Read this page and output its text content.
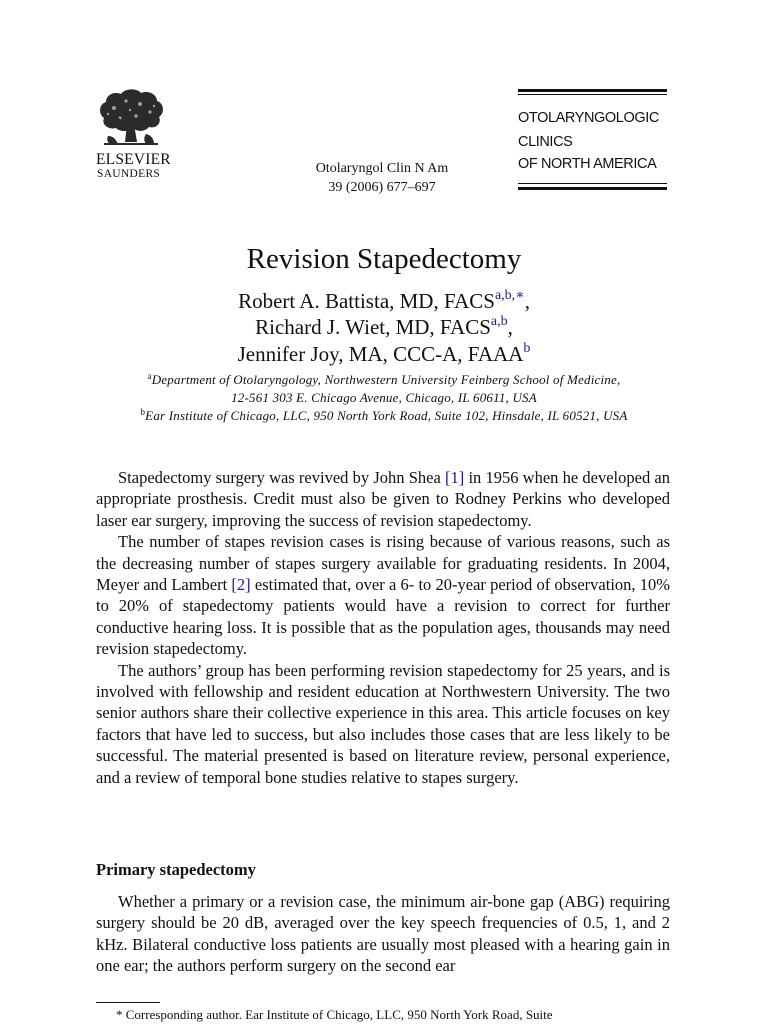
ELSEVIER
SAUNDERS	Otolaryngol Clin N Am
39 (2006) 677–697
OTOLARYNGOLOGIC
CLINICS
OF NORTH AMERICA
Revision Stapedectomy
Robert A. Battista, MD, $FACS^{a,b,∗}$,
Richard J. Wiet, MD, FACS$^{a,b}$,
Jennifer Joy, MA, CCC-A, FAAA$^b$
$^a$Department of Otolaryngology, Northwestern University Feinberg School of Medicine,
12-561 303 E. Chicago Avenue, Chicago, IL 60611, USA
$^b$Ear Institute of Chicago, LLC, 950 North York Road, Suite 102, Hinsdale, IL 60521, USA

Stapedectomy surgery was revived by John Shea [1] in 1956 when he developed an appropriate prosthesis. Credit must also be given to Rodney Perkins who developed laser ear surgery, improving the success of revision stapedectomy.

The number of stapes revision cases is rising because of various reasons, such as the decreasing number of stapes surgery available for graduating residents. In 2004, Meyer and Lambert [2] estimated that, over a 6- to 20-year period of observation, 10% to 20% of stapedectomy patients would have a revision to correct for further conductive hearing loss. It is possible that as the population ages, thousands may need revision stapedectomy.

The authors’ group has been performing revision stapedectomy for 25 years, and is involved with fellowship and resident education at Northwestern University. The two senior authors share their collective experience in this area. This article focuses on key factors that have led to success, but also includes those cases that are less likely to be successful. The material presented is based on literature review, personal experience, and a review of temporal bone studies relative to stapes surgery.

Primary stapedectomy

Whether a primary or a revision case, the minimum air-bone gap (ABG) requiring surgery should be 20 dB, averaged over the key speech frequencies of 0.5, 1, and 2 kHz. Bilateral conductive loss patients are usually most pleased with a hearing gain in one ear; the authors perform surgery on the second ear

* Corresponding author. Ear Institute of Chicago, LLC, 950 North York Road, Suite
